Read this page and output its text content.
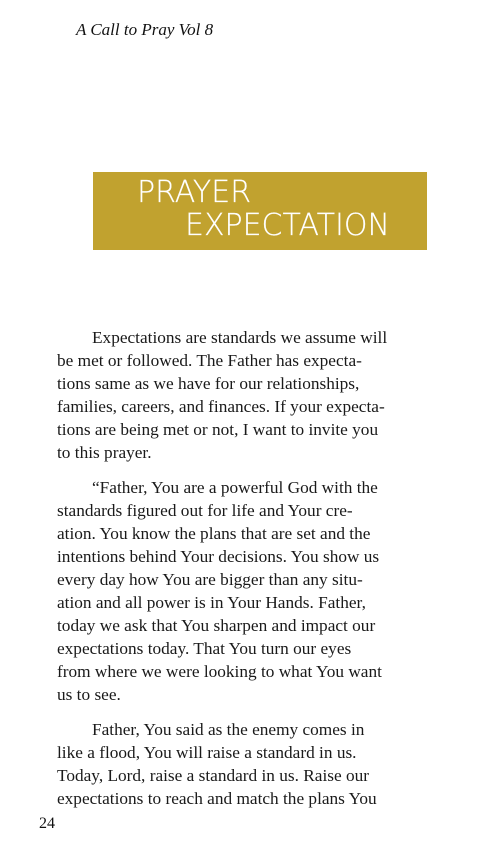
A Call to Pray Vol 8
PRAYER
EXPECTATION

Expectations are standards we assume will
be met or followed. The Father has expecta-
tions same as we have for our relationships,
families, careers, and finances. If your expecta-
tions are being met or not, I want to invite you
to this prayer.

“Father, You are a powerful God with the
standards figured out for life and Your cre-
ation. You know the plans that are set and the
intentions behind Your decisions. You show us
every day how You are bigger than any situ-
ation and all power is in Your Hands. Father,
today we ask that You sharpen and impact our
expectations today. That You turn our eyes
from where we were looking to what You want
us to see.

Father, You said as the enemy comes in
like a flood, You will raise a standard in us.
Today, Lord, raise a standard in us. Raise our
expectations to reach and match the plans You

24
